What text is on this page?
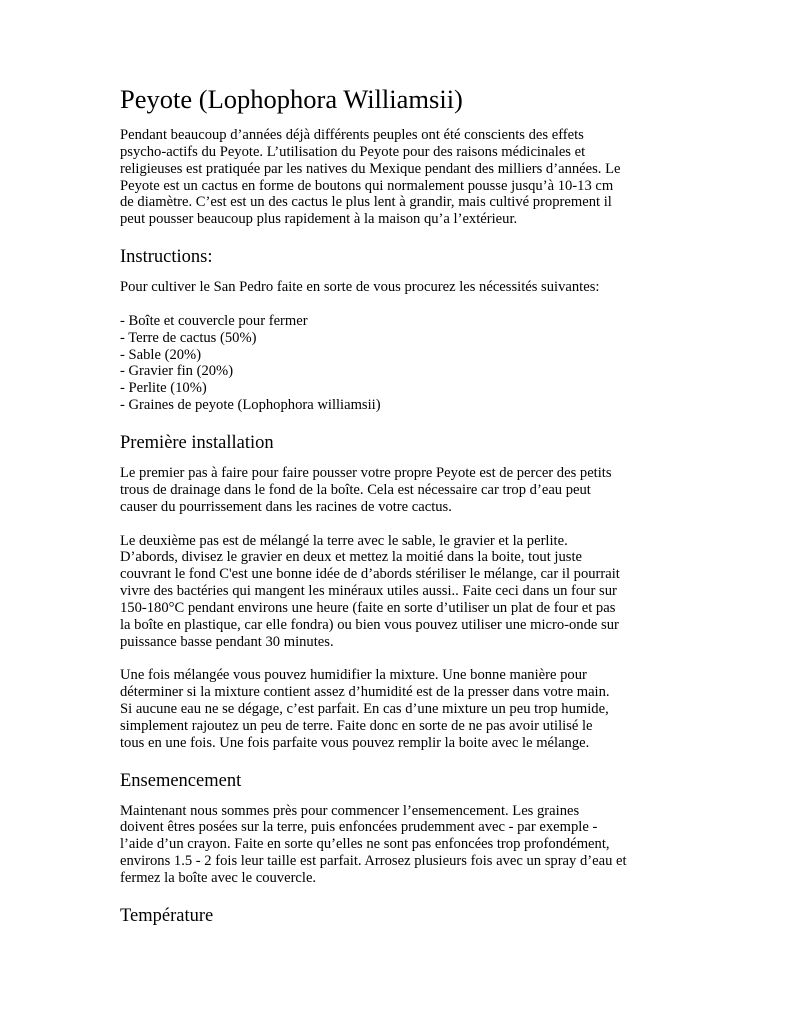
Peyote (Lophophora Williamsii)

Pendant beaucoup d’années déjà différents peuples ont été conscients des effets
psycho-actifs du Peyote. L’utilisation du Peyote pour des raisons médicinales et
religieuses est pratiquée par les natives du Mexique pendant des milliers d’années. Le
Peyote est un cactus en forme de boutons qui normalement pousse jusqu’à 10-13 cm
de diamètre. C’est est un des cactus le plus lent à grandir, mais cultivé proprement il
peut pousser beaucoup plus rapidement à la maison qu’a l’extérieur.

Instructions:

Pour cultiver le San Pedro faite en sorte de vous procurez les nécessités suivantes:

- Boîte et couvercle pour fermer
- Terre de cactus (50%)
- Sable (20%)
- Gravier fin (20%)
- Perlite (10%)
- Graines de peyote (Lophophora williamsii)
Première installation

Le premier pas à faire pour faire pousser votre propre Peyote est de percer des petits
trous de drainage dans le fond de la boîte. Cela est nécessaire car trop d’eau peut
causer du pourrissement dans les racines de votre cactus.

Le deuxième pas est de mélangé la terre avec le sable, le gravier et la perlite.
D’abords, divisez le gravier en deux et mettez la moitié dans la boite, tout juste
couvrant le fond C'est une bonne idée de d’abords stériliser le mélange, car il pourrait
vivre des bactéries qui mangent les minéraux utiles aussi.. Faite ceci dans un four sur
150-180°C pendant environs une heure (faite en sorte d’utiliser un plat de four et pas
la boîte en plastique, car elle fondra) ou bien vous pouvez utiliser une micro-onde sur
puissance basse pendant 30 minutes.

Une fois mélangée vous pouvez humidifier la mixture. Une bonne manière pour
déterminer si la mixture contient assez d’humidité est de la presser dans votre main.
Si aucune eau ne se dégage, c’est parfait. En cas d’une mixture un peu trop humide,
simplement rajoutez un peu de terre. Faite donc en sorte de ne pas avoir utilisé le
tous en une fois. Une fois parfaite vous pouvez remplir la boite avec le mélange.

Ensemencement

Maintenant nous sommes près pour commencer l’ensemencement. Les graines
doivent êtres posées sur la terre, puis enfoncées prudemment avec - par exemple -
l’aide d’un crayon. Faite en sorte qu’elles ne sont pas enfoncées trop profondément,
environs 1.5 - 2 fois leur taille est parfait. Arrosez plusieurs fois avec un spray d’eau et
fermez la boîte avec le couvercle.

Température
